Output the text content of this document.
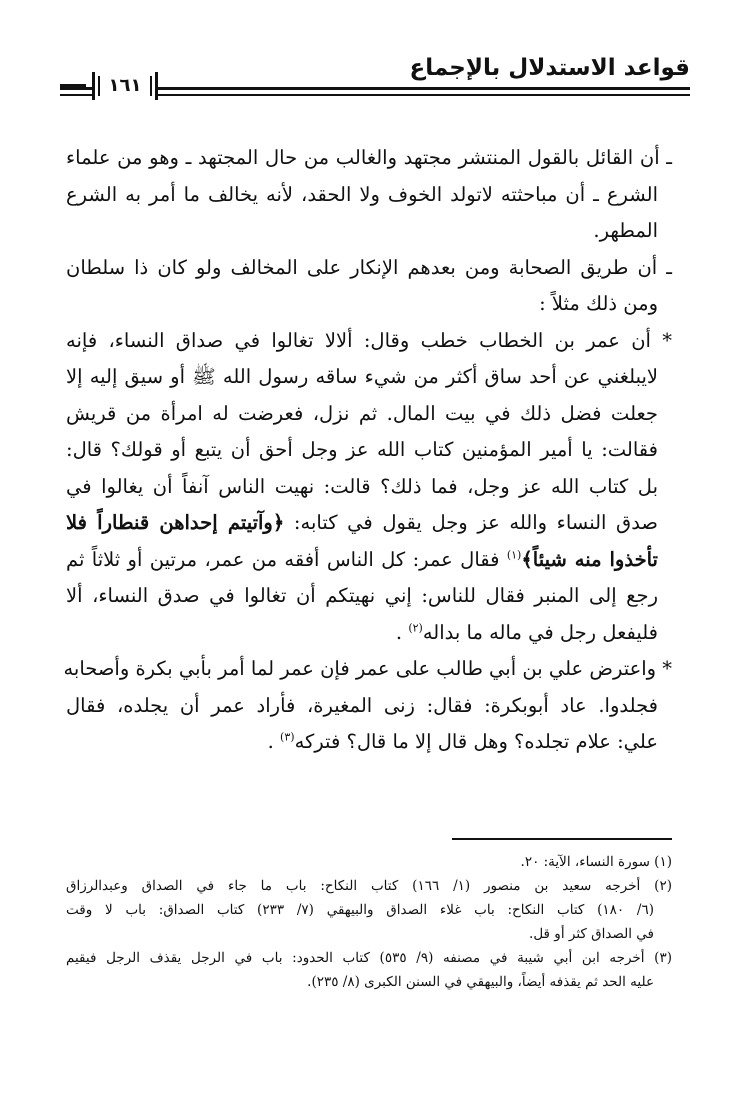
قواعد الاستدلال بالإجماع
١٦١
ـ أن القائل بالقول المنتشر مجتهد والغالب من حال المجتهد ـ وهو من علماء
الشرع ـ أن مباحثته لاتولد الخوف ولا الحقد، لأنه يخالف ما أمر به الشرع
المطهر.
ـ أن طريق الصحابة ومن بعدهم الإنكار على المخالف ولو كان ذا سلطان
ومن ذلك مثلاً :
* أن عمر بن الخطاب خطب وقال: ألالا تغالوا في صداق النساء، فإنه
لايبلغني عن أحد ساق أكثر من شيء ساقه رسول الله ﷺ أو سيق إليه إلا
جعلت فضل ذلك في بيت المال. ثم نزل، فعرضت له امرأة من قريش
فقالت: يا أمير المؤمنين كتاب الله عز وجل أحق أن يتبع أو قولك؟ قال:
بل كتاب الله عز وجل، فما ذلك؟ قالت: نهيت الناس آنفاً أن يغالوا في
صدق النساء والله عز وجل يقول في كتابه: ﴿وآتيتم إحداهن قنطاراً فلا
تأخذوا منه شيئاً﴾$^{(١)}$ فقال عمر: كل الناس أفقه من عمر، مرتين أو ثلاثاً ثم
رجع إلى المنبر فقال للناس: إني نهيتكم أن تغالوا في صدق النساء، ألا
فليفعل رجل في ماله ما بداله$^{(٢)}$ .
* واعترض علي بن أبي طالب على عمر فإن عمر لما أمر بأبي بكرة وأصحابه
فجلدوا. عاد أبوبكرة: فقال: زنى المغيرة، فأراد عمر أن يجلده، فقال
علي: علام تجلده؟ وهل قال إلا ما قال؟ فتركه$^{(٣)}$ .
(١) سورة النساء، الآية: ٢٠.
(٢) أخرجه سعيد بن منصور (١/ ١٦٦) كتاب النكاح: باب ما جاء في الصداق وعبدالرزاق
(٦/ ١٨٠) كتاب النكاح: باب غلاء الصداق والبيهقي (٧/ ٢٣٣) كتاب الصداق: باب لا وقت
في الصداق كثر أو قل.
(٣) أخرجه ابن أبي شيبة في مصنفه (٩/ ٥٣٥) كتاب الحدود: باب في الرجل يقذف الرجل فيقيم
عليه الحد ثم يقذفه أيضاً، والبيهقي في السنن الكبرى (٨/ ٢٣٥).
